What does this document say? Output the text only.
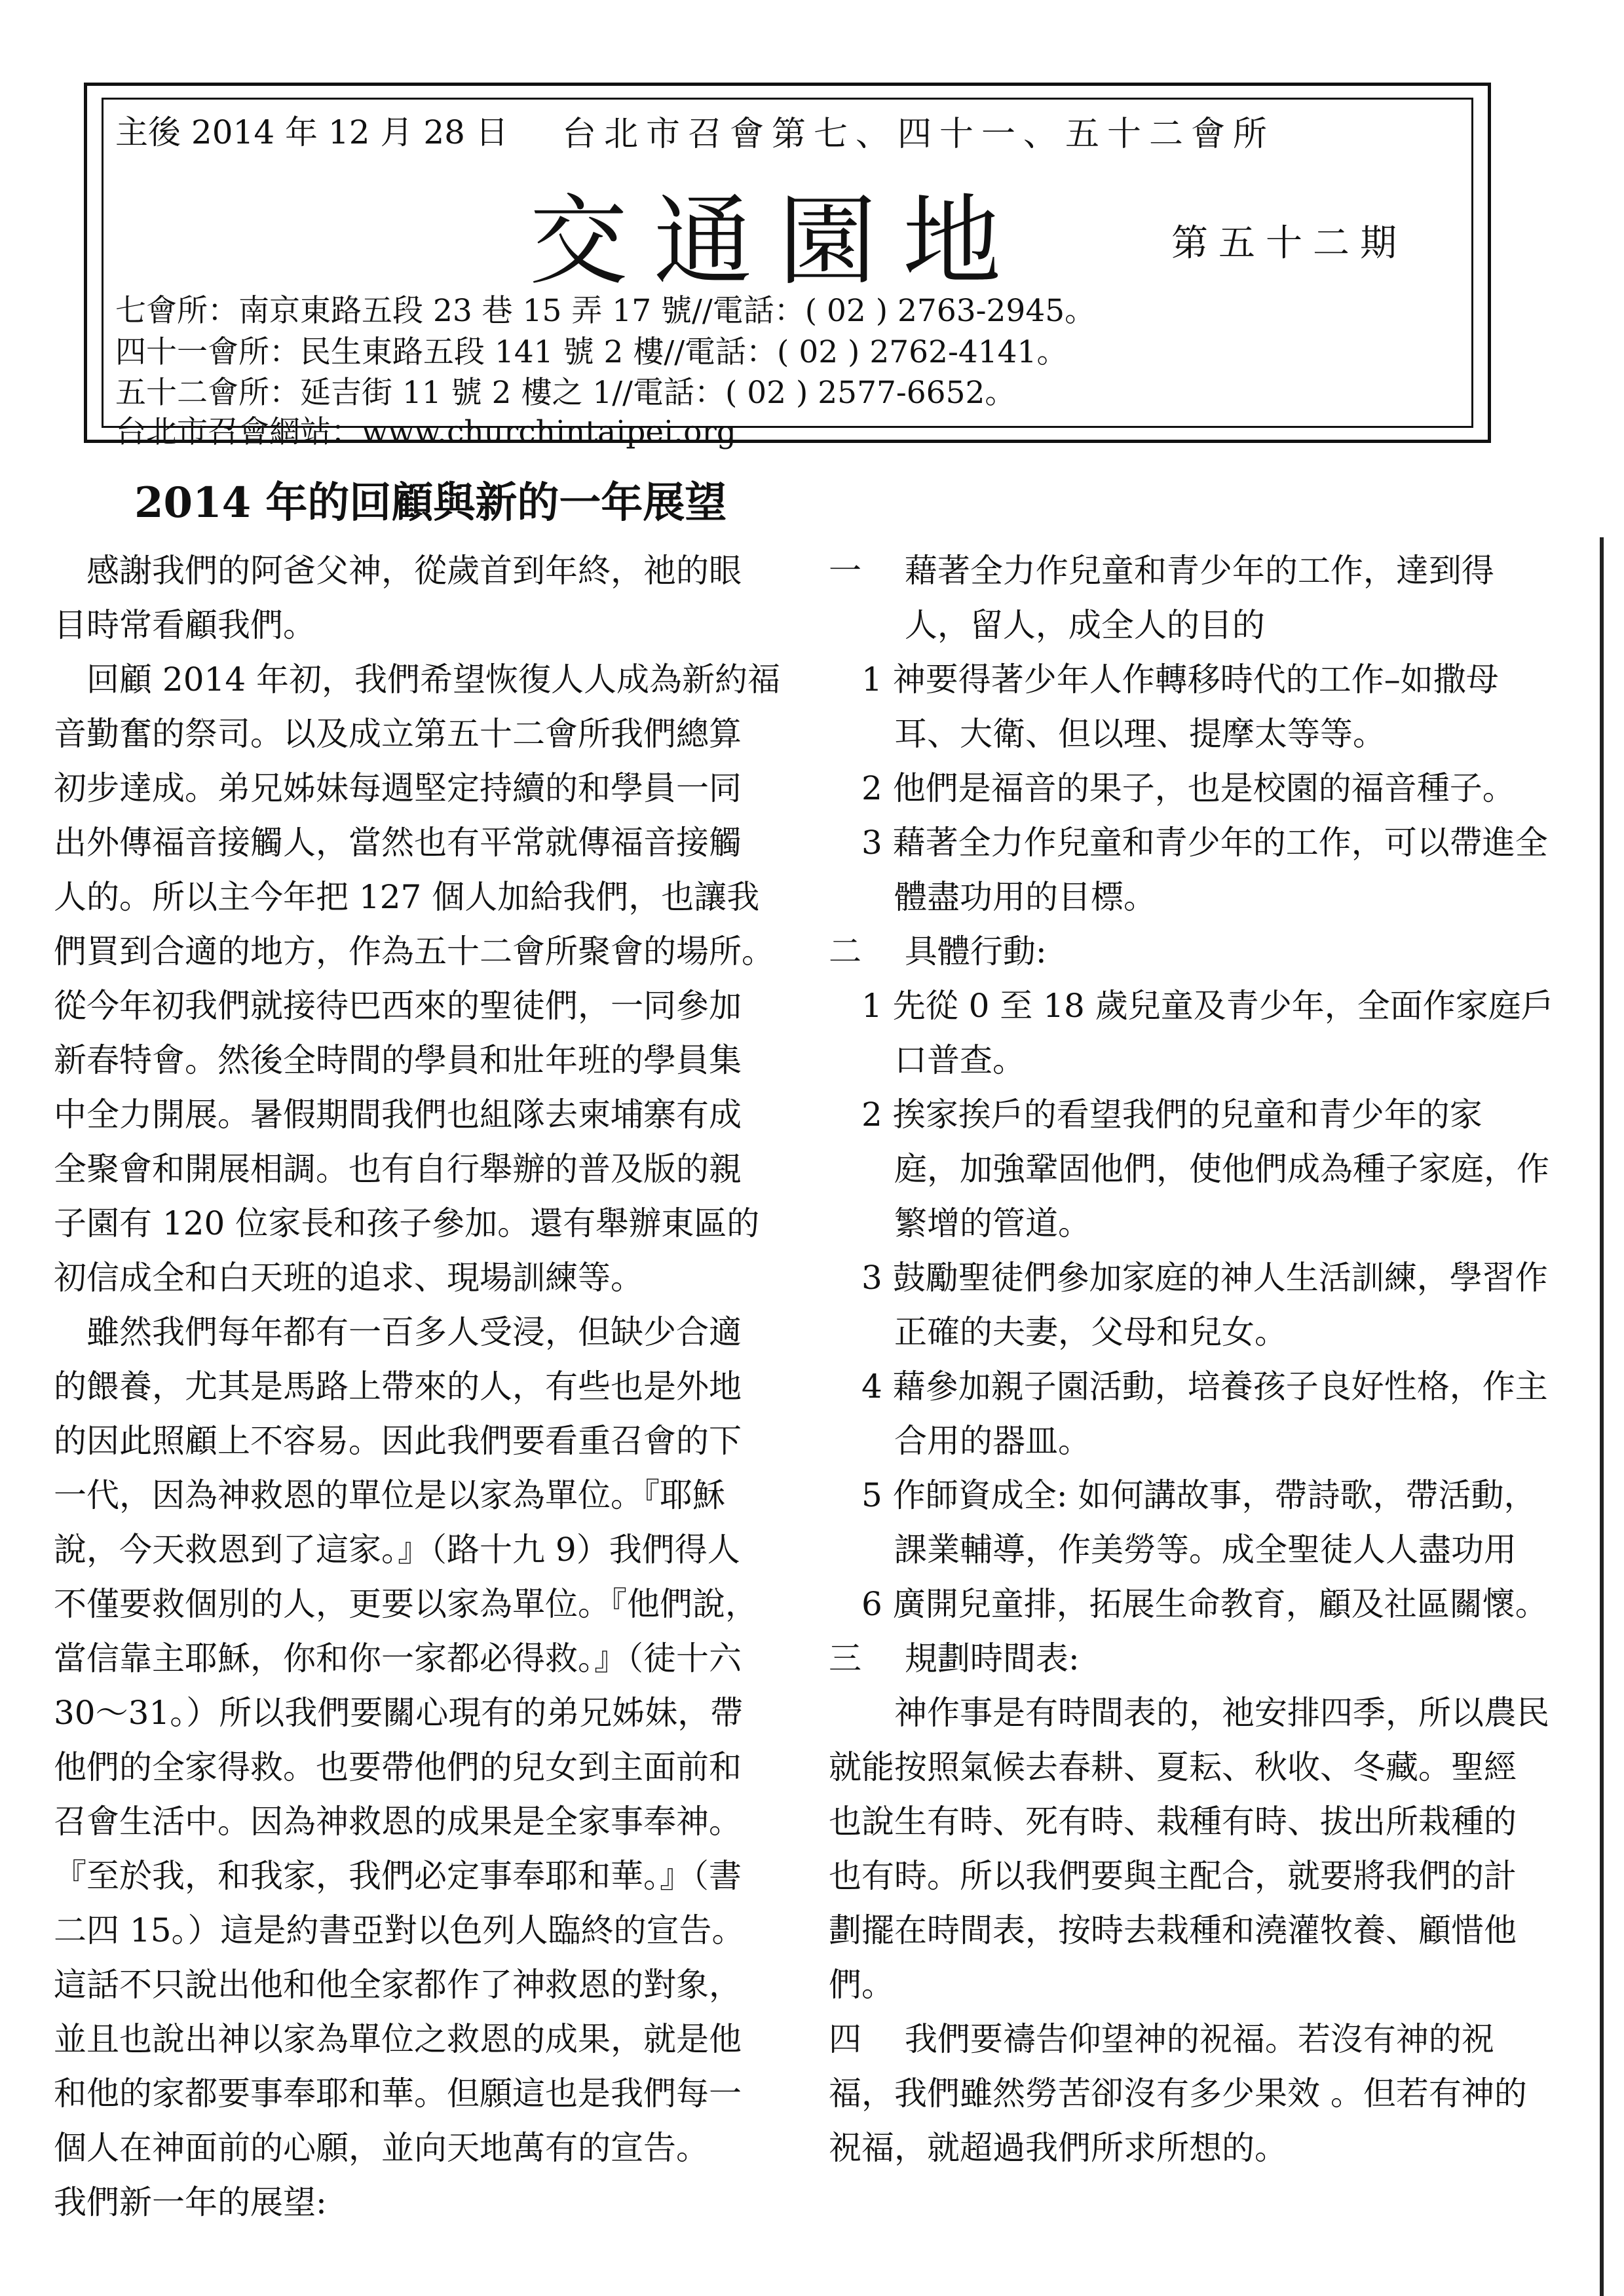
主後 2014 年 12 月 28 日 台北市召會第七、四十一、五十二會所
交通園地	第五十二期
七會所：南京東路五段 23 巷 15 弄 17 號//電話：( 02 ) 2763-2945。
四十一會所：民生東路五段 141 號 2 樓//電話：( 02 ) 2762-4141。
五十二會所：延吉街 11 號 2 樓之 1//電話：( 02 ) 2577-6652。
台北市召會網站：www.churchintaipei.org
2014 年的回顧與新的一年展望
　感謝我們的阿爸父神，從歲首到年終，祂的眼
目時常看顧我們。
　回顧 2014 年初，我們希望恢復人人成為新約福
音勤奮的祭司。以及成立第五十二會所我們總算
初步達成。弟兄姊妹每週堅定持續的和學員一同
出外傳福音接觸人，當然也有平常就傳福音接觸
人的。所以主今年把 127 個人加給我們，也讓我
們買到合適的地方，作為五十二會所聚會的場所。
從今年初我們就接待巴西來的聖徒們，一同參加
新春特會。然後全時間的學員和壯年班的學員集
中全力開展。暑假期間我們也組隊去柬埔寨有成
全聚會和開展相調。也有自行舉辦的普及版的親
子園有 120 位家長和孩子參加。還有舉辦東區的
初信成全和白天班的追求、現場訓練等。
　雖然我們每年都有一百多人受浸，但缺少合適
的餵養，尤其是馬路上帶來的人，有些也是外地
的因此照顧上不容易。因此我們要看重召會的下
一代，因為神救恩的單位是以家為單位。『耶穌
說，今天救恩到了這家。』（路十九 9）我們得人
不僅要救個別的人，更要以家為單位。『他們說，
當信靠主耶穌，你和你一家都必得救。』（徒十六
30～31。）所以我們要關心現有的弟兄姊妹，帶
他們的全家得救。也要帶他們的兒女到主面前和
召會生活中。因為神救恩的成果是全家事奉神。
『至於我，和我家，我們必定事奉耶和華。』（書
二四 15。）這是約書亞對以色列人臨終的宣告。
這話不只說出他和他全家都作了神救恩的對象，
並且也說出神以家為單位之救恩的成果，就是他
和他的家都要事奉耶和華。但願這也是我們每一
個人在神面前的心願，並向天地萬有的宣告。
我們新一年的展望:
一　 藉著全力作兒童和青少年的工作，達到得
　　 人，留人，成全人的目的
　1 神要得著少年人作轉移時代的工作–如撒母
　　耳、大衛、但以理、提摩太等等。
　2 他們是福音的果子，也是校園的福音種子。
　3 藉著全力作兒童和青少年的工作，可以帶進全
　　體盡功用的目標。
二　 具體行動:
　1 先從 0 至 18 歲兒童及青少年，全面作家庭戶
　　口普查。
　2 挨家挨戶的看望我們的兒童和青少年的家
　　庭，加強鞏固他們，使他們成為種子家庭，作
　　繁增的管道。
　3 鼓勵聖徒們參加家庭的神人生活訓練，學習作
　　正確的夫妻，父母和兒女。
　4 藉參加親子園活動，培養孩子良好性格，作主
　　合用的器皿。
　5 作師資成全: 如何講故事，帶詩歌，帶活動，
　　課業輔導，作美勞等。成全聖徒人人盡功用
　6 廣開兒童排，拓展生命教育，顧及社區關懷。
三　 規劃時間表:
　　神作事是有時間表的，祂安排四季，所以農民
就能按照氣候去春耕、夏耘、秋收、冬藏。聖經
也說生有時、死有時、栽種有時、拔出所栽種的
也有時。所以我們要與主配合，就要將我們的計
劃擺在時間表，按時去栽種和澆灌牧養、顧惜他
們。
四　 我們要禱告仰望神的祝福。若沒有神的祝
福，我們雖然勞苦卻沒有多少果效 。但若有神的
祝福，就超過我們所求所想的。
